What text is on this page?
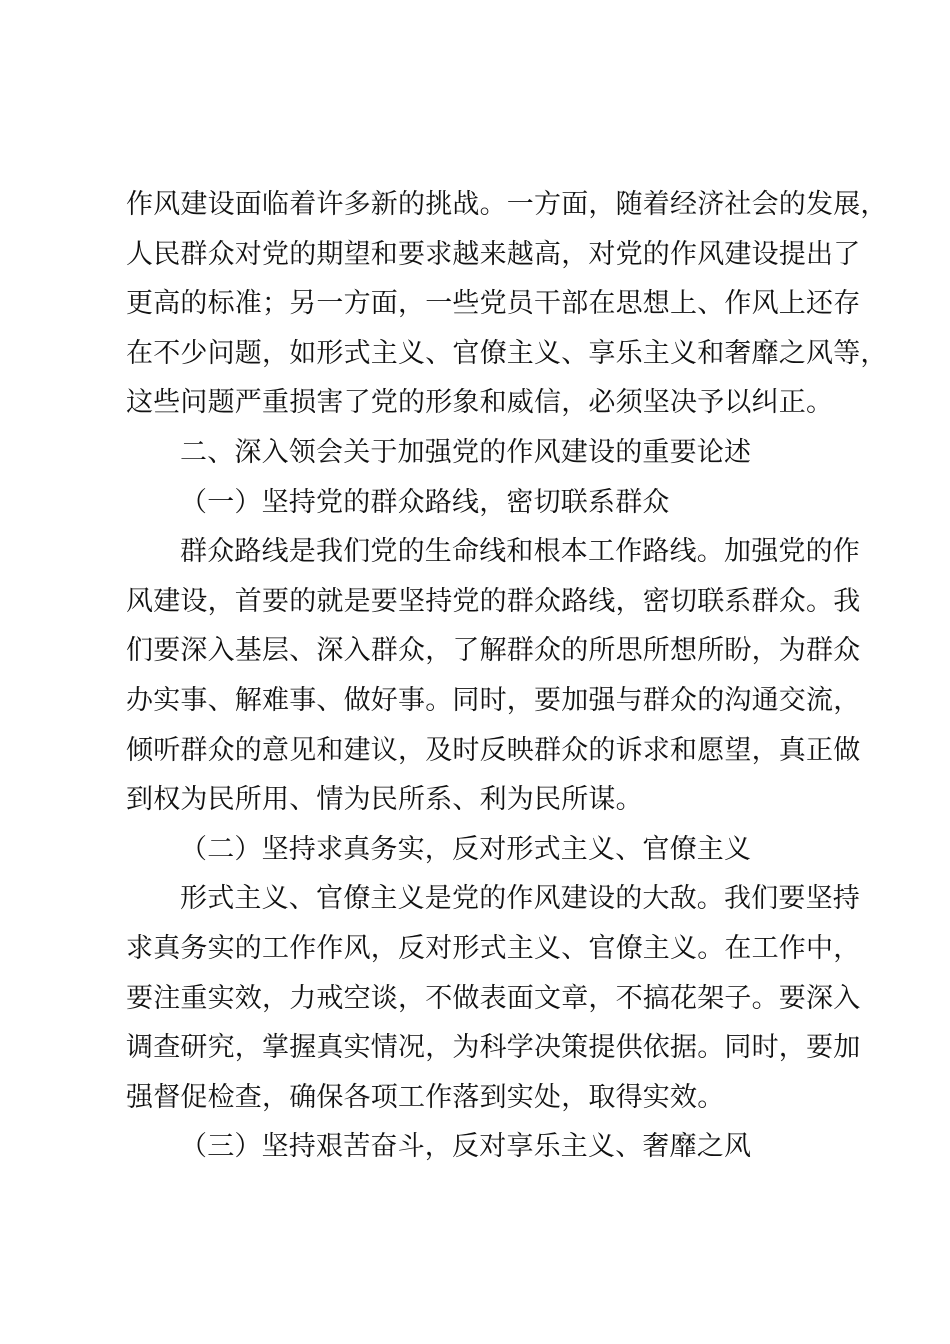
作风建设面临着许多新的挑战。一方面，随着经济社会的发展，
人民群众对党的期望和要求越来越高，对党的作风建设提出了
更高的标准；另一方面，一些党员干部在思想上、作风上还存
在不少问题，如形式主义、官僚主义、享乐主义和奢靡之风等，
这些问题严重损害了党的形象和威信，必须坚决予以纠正。
二、深入领会关于加强党的作风建设的重要论述
（一）坚持党的群众路线，密切联系群众
群众路线是我们党的生命线和根本工作路线。加强党的作
风建设，首要的就是要坚持党的群众路线，密切联系群众。我
们要深入基层、深入群众，了解群众的所思所想所盼，为群众
办实事、解难事、做好事。同时，要加强与群众的沟通交流，
倾听群众的意见和建议，及时反映群众的诉求和愿望，真正做
到权为民所用、情为民所系、利为民所谋。
（二）坚持求真务实，反对形式主义、官僚主义
形式主义、官僚主义是党的作风建设的大敌。我们要坚持
求真务实的工作作风，反对形式主义、官僚主义。在工作中，
要注重实效，力戒空谈，不做表面文章，不搞花架子。要深入
调查研究，掌握真实情况，为科学决策提供依据。同时，要加
强督促检查，确保各项工作落到实处，取得实效。
（三）坚持艰苦奋斗，反对享乐主义、奢靡之风
